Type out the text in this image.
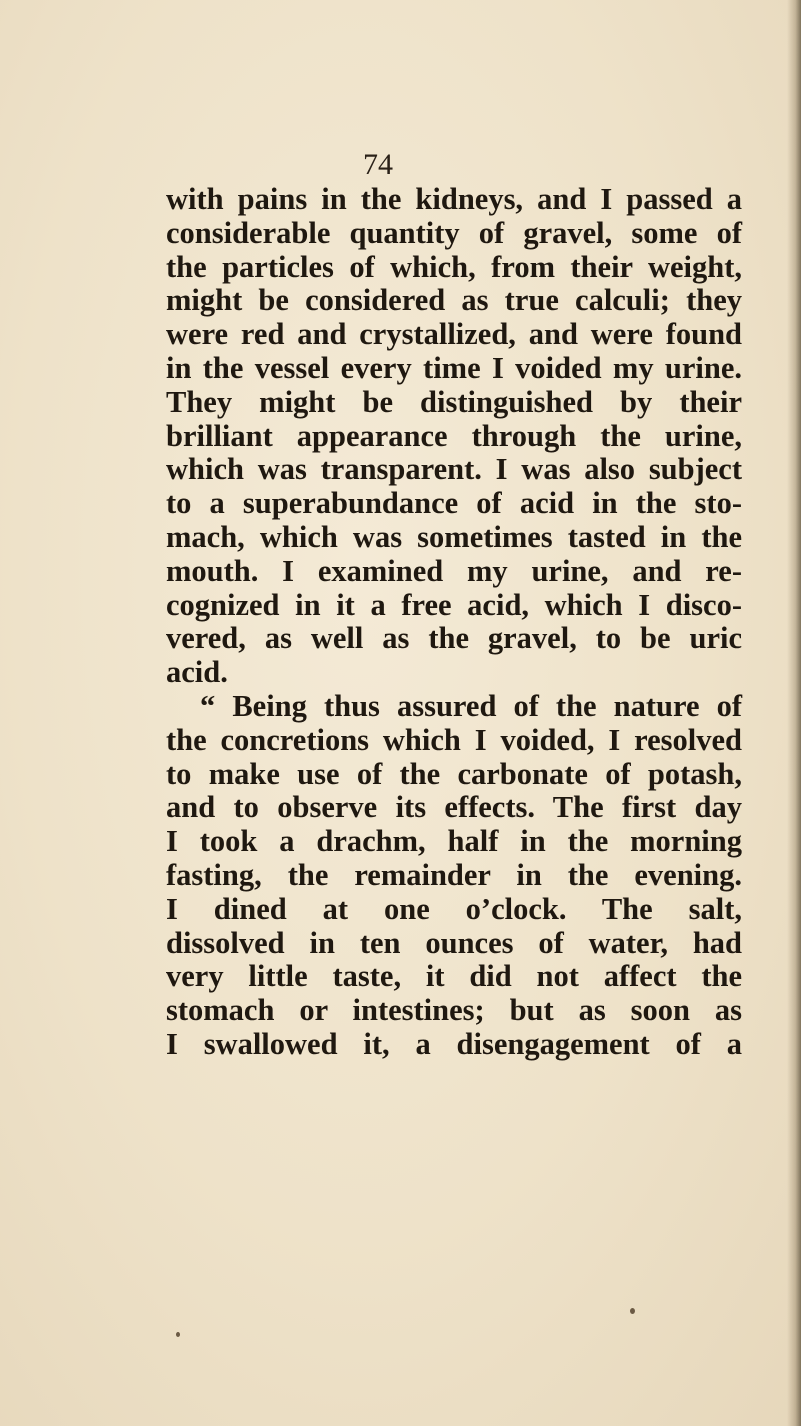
74
with pains in the kidneys, and I passed a
considerable quantity of gravel, some of
the particles of which, from their weight,
might be considered as true calculi; they
were red and crystallized, and were found
in the vessel every time I voided my urine.
They might be distinguished by their
brilliant appearance through the urine,
which was transparent. I was also subject
to a superabundance of acid in the sto-
mach, which was sometimes tasted in the
mouth. I examined my urine, and re-
cognized in it a free acid, which I disco-
vered, as well as the gravel, to be uric
acid.
“ Being thus assured of the nature of
the concretions which I voided, I resolved
to make use of the carbonate of potash,
and to observe its effects. The first day
I took a drachm, half in the morning
fasting, the remainder in the evening.
I dined at one o’clock. The salt,
dissolved in ten ounces of water, had
very little taste, it did not affect the
stomach or intestines; but as soon as
I swallowed it, a disengagement of a
